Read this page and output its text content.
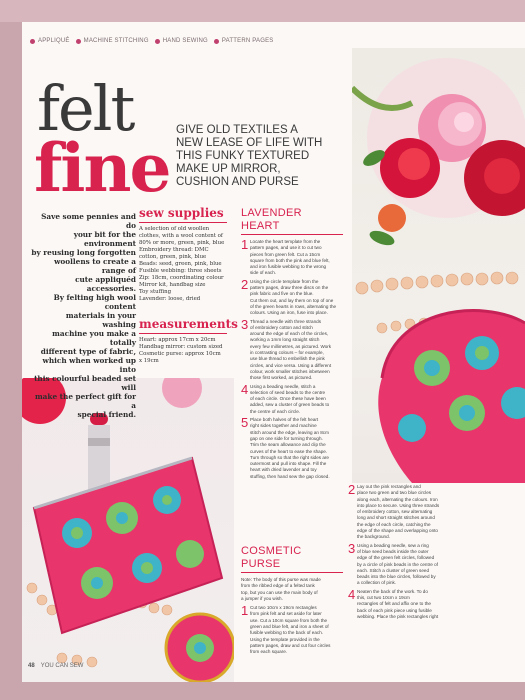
APPLIQUÉ MACHINE STITCHING HAND SEWING PATTERN PAGES
felt
fine GIVE OLD TEXTILES A
NEW LEASE OF LIFE WITH
THIS FUNKY TEXTURED
MAKE UP MIRROR,
CUSHION AND PURSE
Save some pennies and do
your bit for the environment
by reusing long forgotten
woollens to create a range of
cute appliquéd accessories.
By felting high wool content
materials in your washing
machine you make a totally
different type of fabric,
which when worked up into
this colourful beaded set will
make the perfect gift for a
special friend.
sew supplies
A selection of old woollen
clothes, with a wool content of
80% or more, green, pink, blue
Embroidery thread: DMC
cotton, green, pink, blue
Beads: seed, green, pink, blue
Fusible webbing: three sheets
Zip: 18cm, coordinating colour
Mirror kit, handbag size
Toy stuffing
Lavender: loose, dried
measurements
Heart: approx 17cm x 20cm
Handbag mirror: custom sized
Cosmetic purse: approx 10cm
x 19cm
LAVENDER HEART
1 Locate the heart template from the
pattern pages, and use it to cut two
pieces from green felt. Cut a 15cm
square from both the pink and blue felt,
and iron fusible webbing to the wrong
side of each.
2 Using the circle template from the
pattern pages, draw three discs on the
pink fabric and five on the blue.
Cut them out, and lay them on top of one
of the green hearts in rows, alternating the
colours. Using an iron, fuse into place.
3 Thread a needle with three strands
of embroidery cotton and stitch
around the edge of each of the circles,
working a 1mm long straight stitch
every few millimetres, as pictured. Work
in contrasting colours – for example,
use blue thread to embellish the pink
circles, and vice versa. Using a different
colour, work smaller stitches inbetween
those first worked, as pictured.
4 Using a beading needle, stitch a
selection of seed beads to the centre
of each circle. Once these have been
added, sew a cluster of green beads to
the centre of each circle.
5 Place both halves of the felt heart
right sides together and machine
stitch around the edge, leaving an 8cm
gap on one side for turning through.
Trim the seam allowance and clip the
curves of the heart to ease the shape.
Turn through so that the right sides are
outermost and pull into shape. Fill the
heart with dried lavender and toy
stuffing, then hand sew the gap closed.
COSMETIC PURSE
Note: The body of this purse was made
from the ribbed edge of a felted tank
top, but you can use the main body of
a jumper if you wish.
1 Cut two 10cm x 19cm rectangles
from pink felt and set aside for later
use. Cut a 10cm square from both the
green and blue felt, and iron a sheet of
fusible webbing to the back of each.
Using the template provided in the
pattern pages, draw and cut four circles
from each square.
2 Lay out the pink rectangles and
place two green and two blue circles
along each, alternating the colours. Iron
into place to secure. Using three strands
of embroidery cotton, sew alternating
long and short straight stitches around
the edge of each circle, catching the
edge of the shape and overlapping onto
the background.
3 Using a beading needle, sew a ring
of blue seed beads inside the outer
edge of the green felt circles, followed
by a circle of pink beads in the centre of
each. Stitch a cluster of green seed
beads into the blue circles, followed by
a collection of pink.
4 Neaten the back of the work. To do
this, cut two 10cm x 19cm
rectangles of felt and affix one to the
back of each pink piece using fusible
webbing. Place the pink rectangles right
48 YOU CAN SEW
